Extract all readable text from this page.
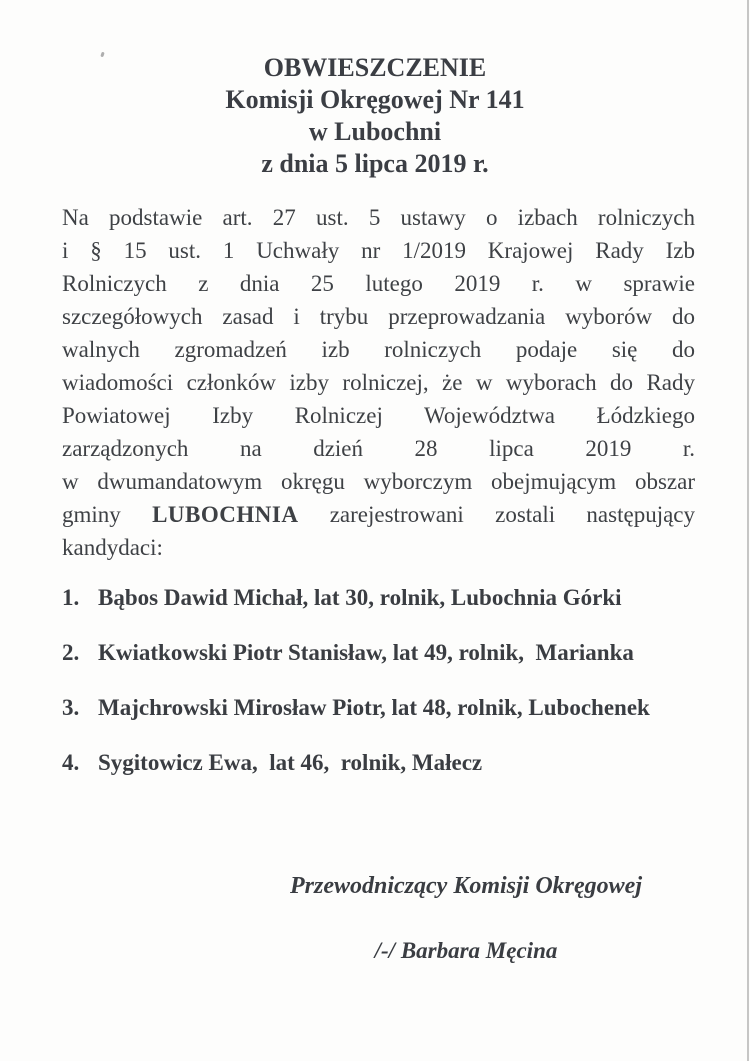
OBWIESZCZENIE
Komisji Okręgowej Nr 141
w Lubochni
z dnia 5 lipca 2019 r.
Na podstawie art. 27 ust. 5 ustawy o izbach rolniczych
i § 15 ust. 1 Uchwały nr 1/2019 Krajowej Rady Izb
Rolniczych z dnia 25 lutego 2019 r. w sprawie
szczegółowych zasad i trybu przeprowadzania wyborów do
walnych zgromadzeń izb rolniczych podaje się do
wiadomości członków izby rolniczej, że w wyborach do Rady
Powiatowej Izby Rolniczej Województwa Łódzkiego
zarządzonych na dzień 28 lipca 2019 r.
w dwumandatowym okręgu wyborczym obejmującym obszar
gminy LUBOCHNIA zarejestrowani zostali następujący
kandydaci:
1. Bąbos Dawid Michał, lat 30, rolnik, Lubochnia Górki
2. Kwiatkowski Piotr Stanisław, lat 49, rolnik,  Marianka
3. Majchrowski Mirosław Piotr, lat 48, rolnik, Lubochenek
4. Sygitowicz Ewa,  lat 46,  rolnik, Małecz
Przewodniczący Komisji Okręgowej
/-/ Barbara Męcina
